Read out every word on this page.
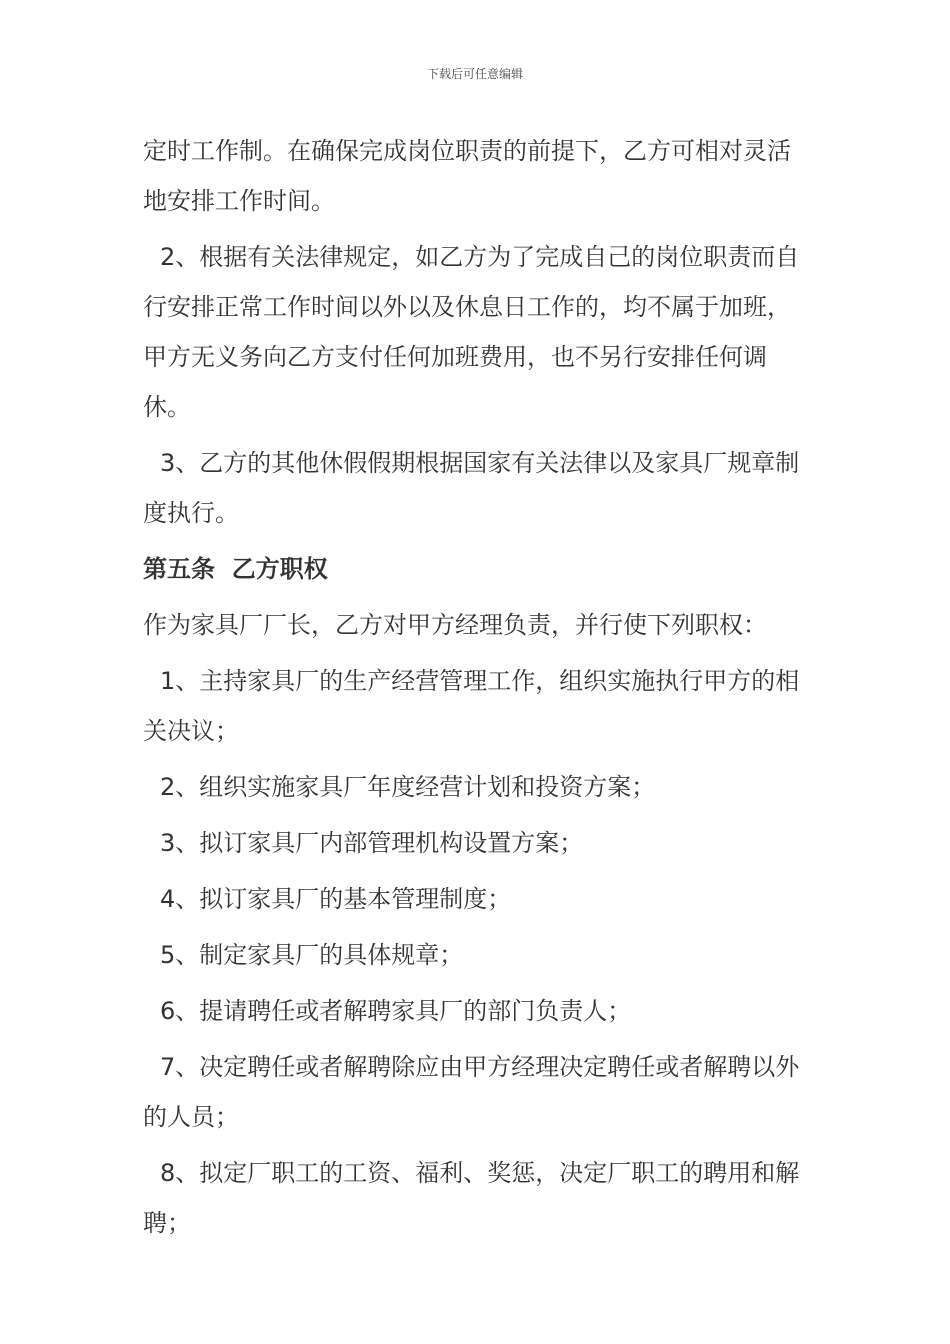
下载后可任意编辑

定时工作制。在确保完成岗位职责的前提下，乙方可相对灵活地安排工作时间。

2、根据有关法律规定，如乙方为了完成自己的岗位职责而自行安排正常工作时间以外以及休息日工作的，均不属于加班，甲方无义务向乙方支付任何加班费用，也不另行安排任何调休。

3、乙方的其他休假假期根据国家有关法律以及家具厂规章制度执行。

第五条  乙方职权

作为家具厂厂长，乙方对甲方经理负责，并行使下列职权：

1、主持家具厂的生产经营管理工作，组织实施执行甲方的相关决议；

2、组织实施家具厂年度经营计划和投资方案；

3、拟订家具厂内部管理机构设置方案；

4、拟订家具厂的基本管理制度；

5、制定家具厂的具体规章；

6、提请聘任或者解聘家具厂的部门负责人；

7、决定聘任或者解聘除应由甲方经理决定聘任或者解聘以外的人员；

8、拟定厂职工的工资、福利、奖惩，决定厂职工的聘用和解聘；
